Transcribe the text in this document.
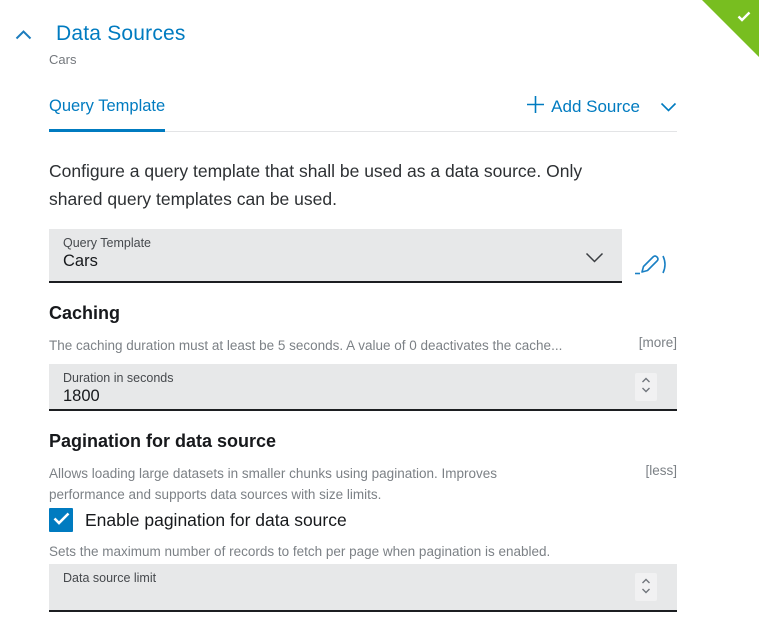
Data Sources
Cars
Query Template	Add Source
Configure a query template that shall be used as a data source. Only
shared query templates can be used.
Query Template
Cars
Caching
The caching duration must at least be 5 seconds. A value of 0 deactivates the cache...	[more]
Duration in seconds
1800
Pagination for data source
Allows loading large datasets in smaller chunks using pagination. Improves
performance and supports data sources with size limits.
[less]
Enable pagination for data source
Sets the maximum number of records to fetch per page when pagination is enabled.
Data source limit
